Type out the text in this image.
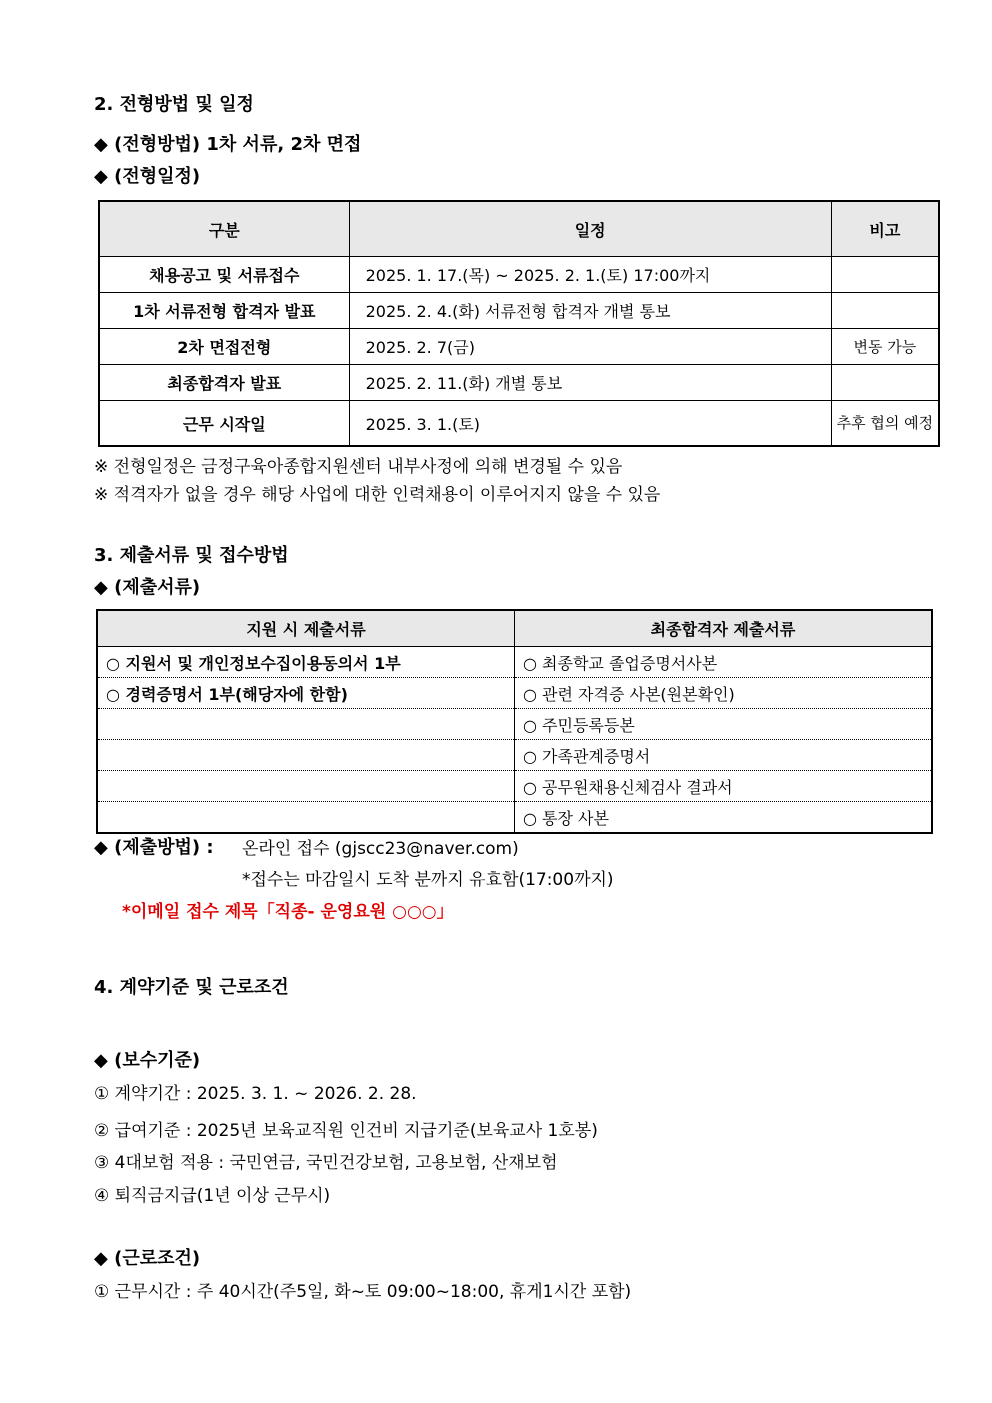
2. 전형방법 및 일정
◆ (전형방법) 1차 서류, 2차 면접
◆ (전형일정)
구분	일정	비고
채용공고 및 서류접수	2025. 1. 17.(목) ~ 2025. 2. 1.(토) 17:00까지	
1차 서류전형 합격자 발표	2025. 2. 4.(화) 서류전형 합격자 개별 통보	
2차 면접전형	2025. 2. 7(금)	변동 가능
최종합격자 발표	2025. 2. 11.(화) 개별 통보	
근무 시작일	2025. 3. 1.(토)	추후 협의 예정
※ 전형일정은 금정구육아종합지원센터 내부사정에 의해 변경될 수 있음
※ 적격자가 없을 경우 해당 사업에 대한 인력채용이 이루어지지 않을 수 있음
3. 제출서류 및 접수방법
◆ (제출서류)
지원 시 제출서류	최종합격자 제출서류
○ 지원서 및 개인정보수집이용동의서 1부	○ 최종학교 졸업증명서사본
○ 경력증명서 1부(해당자에 한함)	○ 관련 자격증 사본(원본확인)
	○ 주민등록등본
	○ 가족관계증명서
	○ 공무원채용신체검사 결과서
	○ 통장 사본
◆ (제출방법) : 온라인 접수 (gjscc23@naver.com)
*접수는 마감일시 도착 분까지 유효함(17:00까지)
*이메일 접수 제목「직종- 운영요원 ○○○」
4. 계약기준 및 근로조건
◆ (보수기준)
① 계약기간 : 2025. 3. 1. ~ 2026. 2. 28.
② 급여기준 : 2025년 보육교직원 인건비 지급기준(보육교사 1호봉)
③ 4대보험 적용 : 국민연금, 국민건강보험, 고용보험, 산재보험
④ 퇴직금지급(1년 이상 근무시)
◆ (근로조건)
① 근무시간 : 주 40시간(주5일, 화~토 09:00~18:00, 휴게1시간 포함)
